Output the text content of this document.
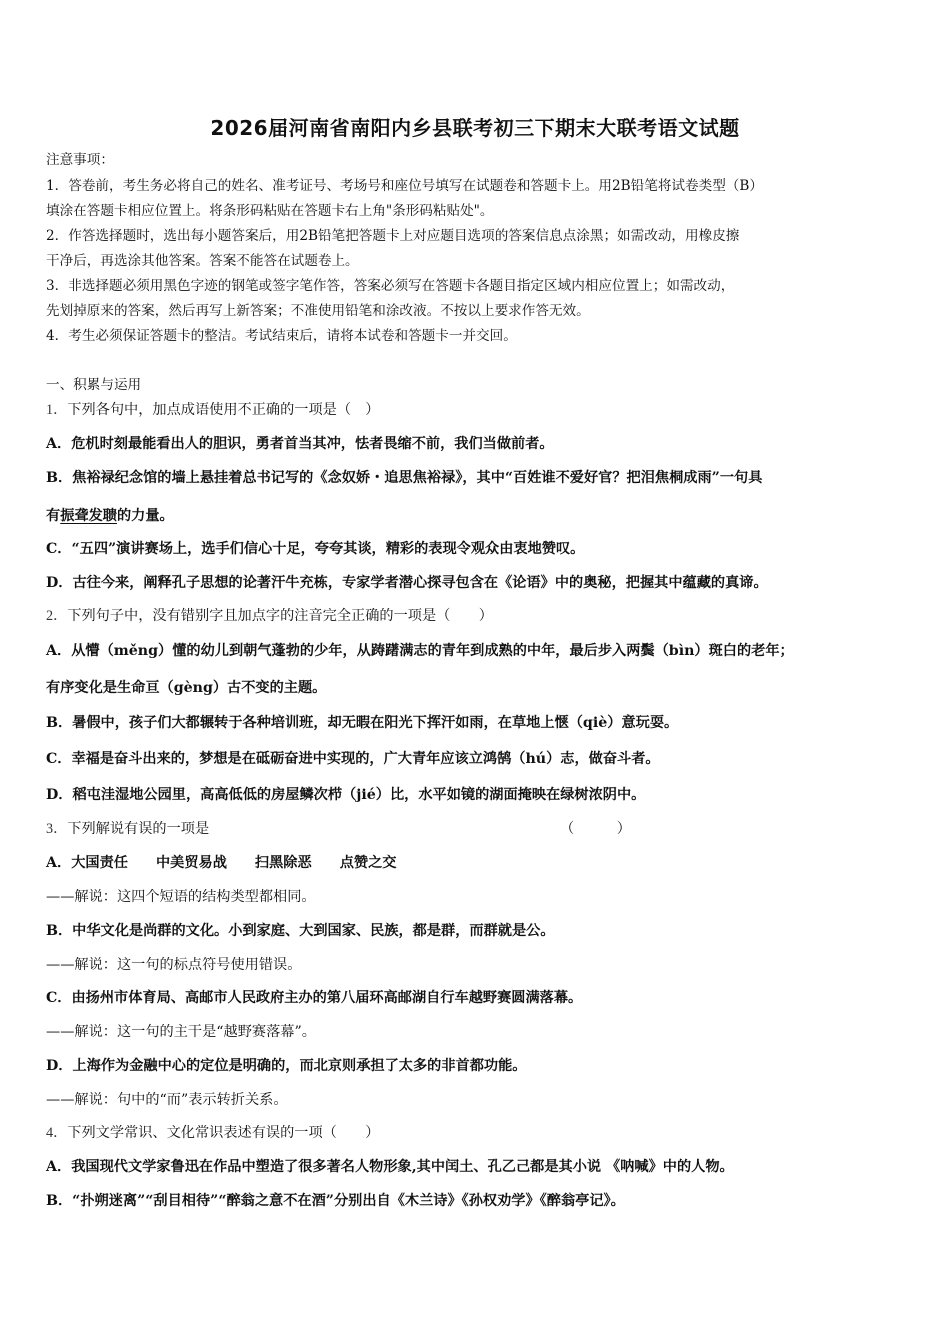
2026届河南省南阳内乡县联考初三下期末大联考语文试题
注意事项：
1．答卷前，考生务必将自己的姓名、准考证号、考场号和座位号填写在试题卷和答题卡上。用2B铅笔将试卷类型（B）
填涂在答题卡相应位置上。将条形码粘贴在答题卡右上角"条形码粘贴处"。
2．作答选择题时，选出每小题答案后，用2B铅笔把答题卡上对应题目选项的答案信息点涂黑；如需改动，用橡皮擦
干净后，再选涂其他答案。答案不能答在试题卷上。
3．非选择题必须用黑色字迹的钢笔或签字笔作答，答案必须写在答题卡各题目指定区域内相应位置上；如需改动，
先划掉原来的答案，然后再写上新答案；不准使用铅笔和涂改液。不按以上要求作答无效。
4．考生必须保证答题卡的整洁。考试结束后，请将本试卷和答题卡一并交回。
一、积累与运用
1．下列各句中，加点成语使用不正确的一项是（　）
A．危机时刻最能看出人的胆识，勇者首当其冲，怯者畏缩不前，我们当做前者。
B．焦裕禄纪念馆的墙上悬挂着总书记写的《念奴娇・追思焦裕禄》，其中“百姓谁不爱好官？把泪焦桐成雨”一句具
有振聋发聩的力量。
C．“五四”演讲赛场上，选手们信心十足，夸夸其谈，精彩的表现令观众由衷地赞叹。
D．古往今来，阐释孔子思想的论著汗牛充栋，专家学者潜心探寻包含在《论语》中的奥秘，把握其中蕴藏的真谛。
2．下列句子中，没有错别字且加点字的注音完全正确的一项是（　　）
A．从懵（měng）懂的幼儿到朝气蓬勃的少年，从踌躇满志的青年到成熟的中年，最后步入两鬓（bìn）斑白的老年；
有序变化是生命亘（gèng）古不变的主题。
B．暑假中，孩子们大都辗转于各种培训班，却无暇在阳光下挥汗如雨，在草地上惬（qiè）意玩耍。
C．幸福是奋斗出来的，梦想是在砥砺奋进中实现的，广大青年应该立鸿鹄（hú）志，做奋斗者。
D．稻屯洼湿地公园里，高高低低的房屋鳞次栉（jié）比，水平如镜的湖面掩映在绿树浓阴中。
3．下列解说有误的一项是	（　　　）
A．大国责任 中美贸易战 扫黑除恶 点赞之交
——解说：这四个短语的结构类型都相同。
B．中华文化是尚群的文化。小到家庭、大到国家、民族，都是群，而群就是公。
——解说：这一句的标点符号使用错误。
C．由扬州市体育局、高邮市人民政府主办的第八届环高邮湖自行车越野赛圆满落幕。
——解说：这一句的主干是“越野赛落幕”。
D．上海作为金融中心的定位是明确的，而北京则承担了太多的非首都功能。
——解说：句中的“而”表示转折关系。
4．下列文学常识、文化常识表述有误的一项（　　）
A．我国现代文学家鲁迅在作品中塑造了很多著名人物形象,其中闰土、孔乙己都是其小说 《呐喊》中的人物。
B．“扑朔迷离”“刮目相待”“醉翁之意不在酒”分别出自《木兰诗》《孙权劝学》《醉翁亭记》。
